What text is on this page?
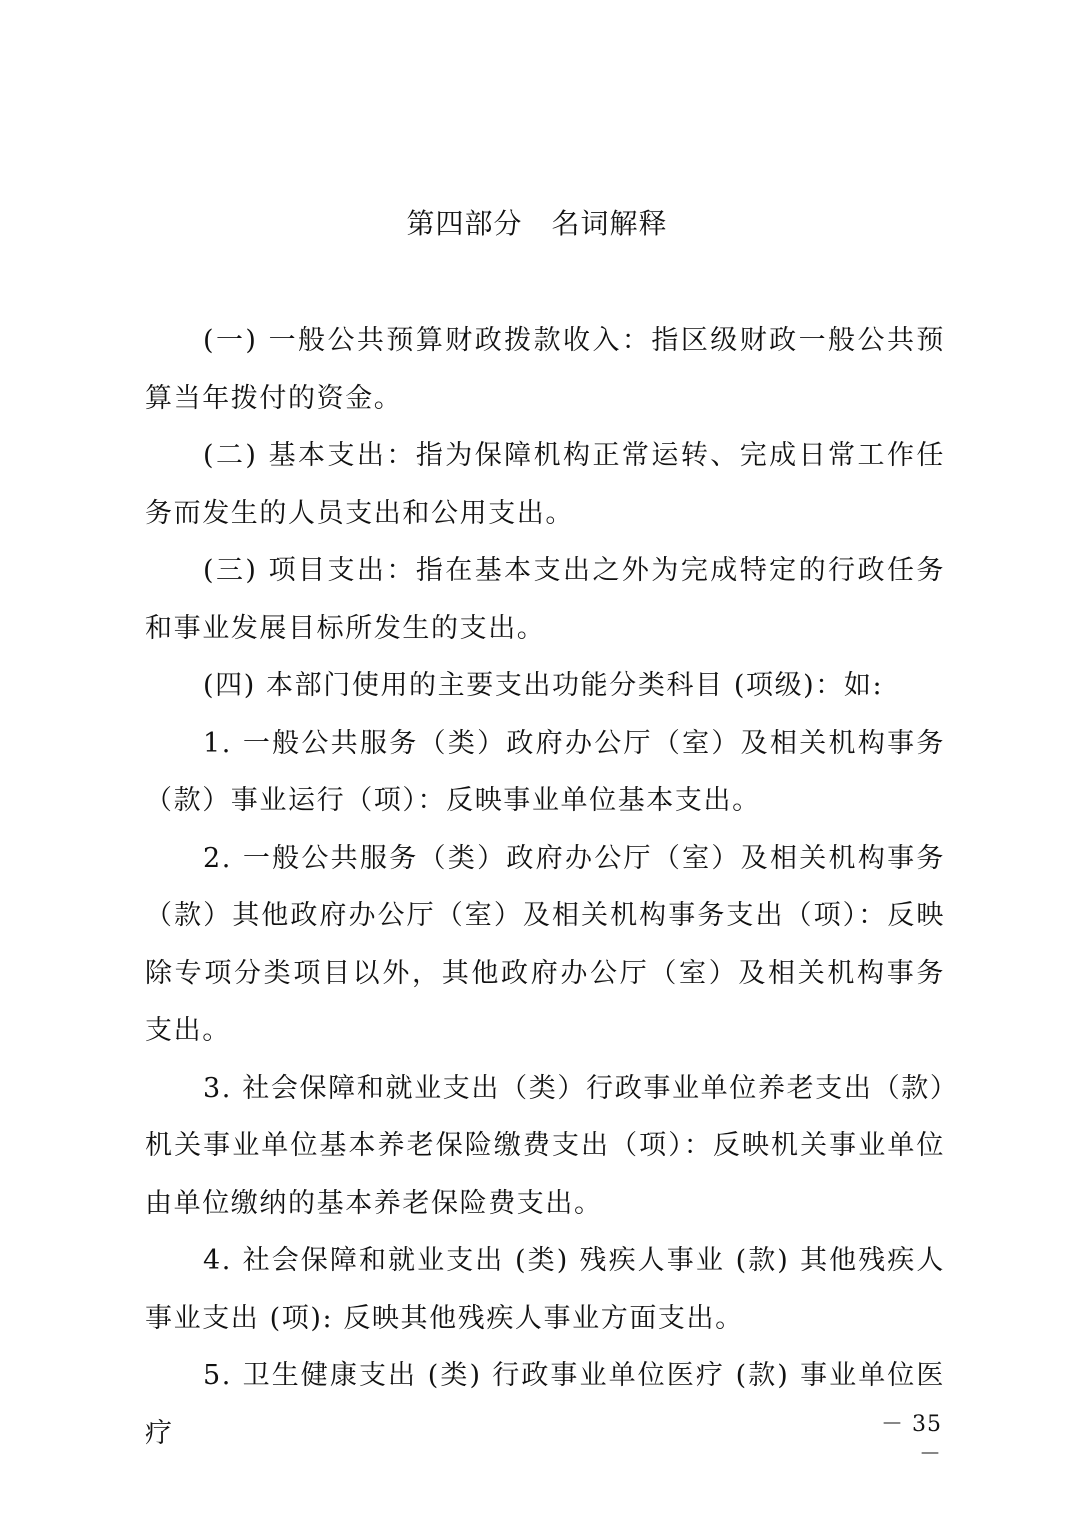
第四部分　名词解释

(一) 一般公共预算财政拨款收入：指区级财政一般公共预算当年拨付的资金。

(二) 基本支出：指为保障机构正常运转、完成日常工作任务而发生的人员支出和公用支出。

(三) 项目支出：指在基本支出之外为完成特定的行政任务和事业发展目标所发生的支出。

(四) 本部门使用的主要支出功能分类科目 (项级)：如:

1. 一般公共服务（类）政府办公厅（室）及相关机构事务（款）事业运行（项）：反映事业单位基本支出。

2. 一般公共服务（类）政府办公厅（室）及相关机构事务（款）其他政府办公厅（室）及相关机构事务支出（项）：反映除专项分类项目以外，其他政府办公厅（室）及相关机构事务支出。

3. 社会保障和就业支出（类）行政事业单位养老支出（款）机关事业单位基本养老保险缴费支出（项）：反映机关事业单位由单位缴纳的基本养老保险费支出。

4. 社会保障和就业支出 (类) 残疾人事业 (款) 其他残疾人事业支出 (项): 反映其他残疾人事业方面支出。

5. 卫生健康支出 (类) 行政事业单位医疗 (款) 事业单位医疗	－ 35 －
